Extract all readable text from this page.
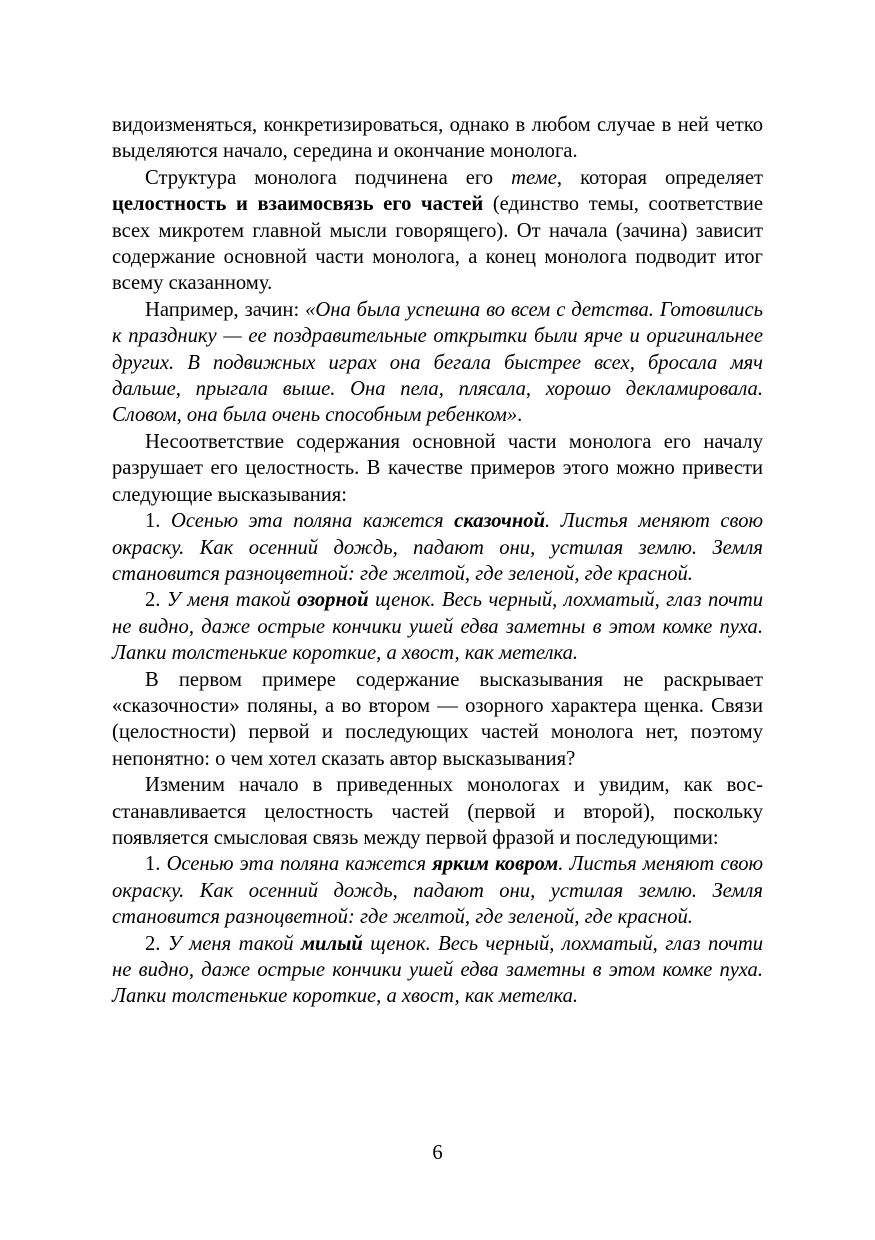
видоизменяться, конкретизироваться, однако в любом случае в ней четко выделяются начало, середина и окончание монолога.

Структура монолога подчинена его теме, которая определяет целостность и взаимосвязь его частей (единство темы, соответствие всех микротем главной мысли говорящего). От начала (зачина) зависит содержание основной части монолога, а конец монолога подводит итог всему сказанному.

Например, зачин: «Она была успешна во всем с детства. Готовились к празднику — ее поздравительные открытки были ярче и оригинальнее других. В подвижных играх она бегала быстрее всех, бросала мяч дальше, прыгала выше. Она пела, плясала, хорошо декламировала. Словом, она была очень способным ребенком».

Несоответствие содержания основной части монолога его началу разрушает его целостность. В качестве примеров этого можно привести следующие высказывания:

1. Осенью эта поляна кажется сказочной. Листья меняют свою окраску. Как осенний дождь, падают они, устилая землю. Земля становится разноцветной: где желтой, где зеленой, где красной.

2. У меня такой озорной щенок. Весь черный, лохматый, глаз почти не видно, даже острые кончики ушей едва заметны в этом комке пуха. Лапки толстенькие короткие, а хвост, как метелка.

В первом примере содержание высказывания не раскрывает «сказочности» поляны, а во втором — озорного характера щенка. Связи (целостности) первой и последующих частей монолога нет, поэтому непонятно: о чем хотел сказать автор высказывания?

Изменим начало в приведенных монологах и увидим, как восстанавливается целостность частей (первой и второй), поскольку появляется смысловая связь между первой фразой и последующими:

1. Осенью эта поляна кажется ярким ковром. Листья меняют свою окраску. Как осенний дождь, падают они, устилая землю. Земля становится разноцветной: где желтой, где зеленой, где красной.

2. У меня такой милый щенок. Весь черный, лохматый, глаз почти не видно, даже острые кончики ушей едва заметны в этом комке пуха. Лапки толстенькие короткие, а хвост, как метелка.

6
